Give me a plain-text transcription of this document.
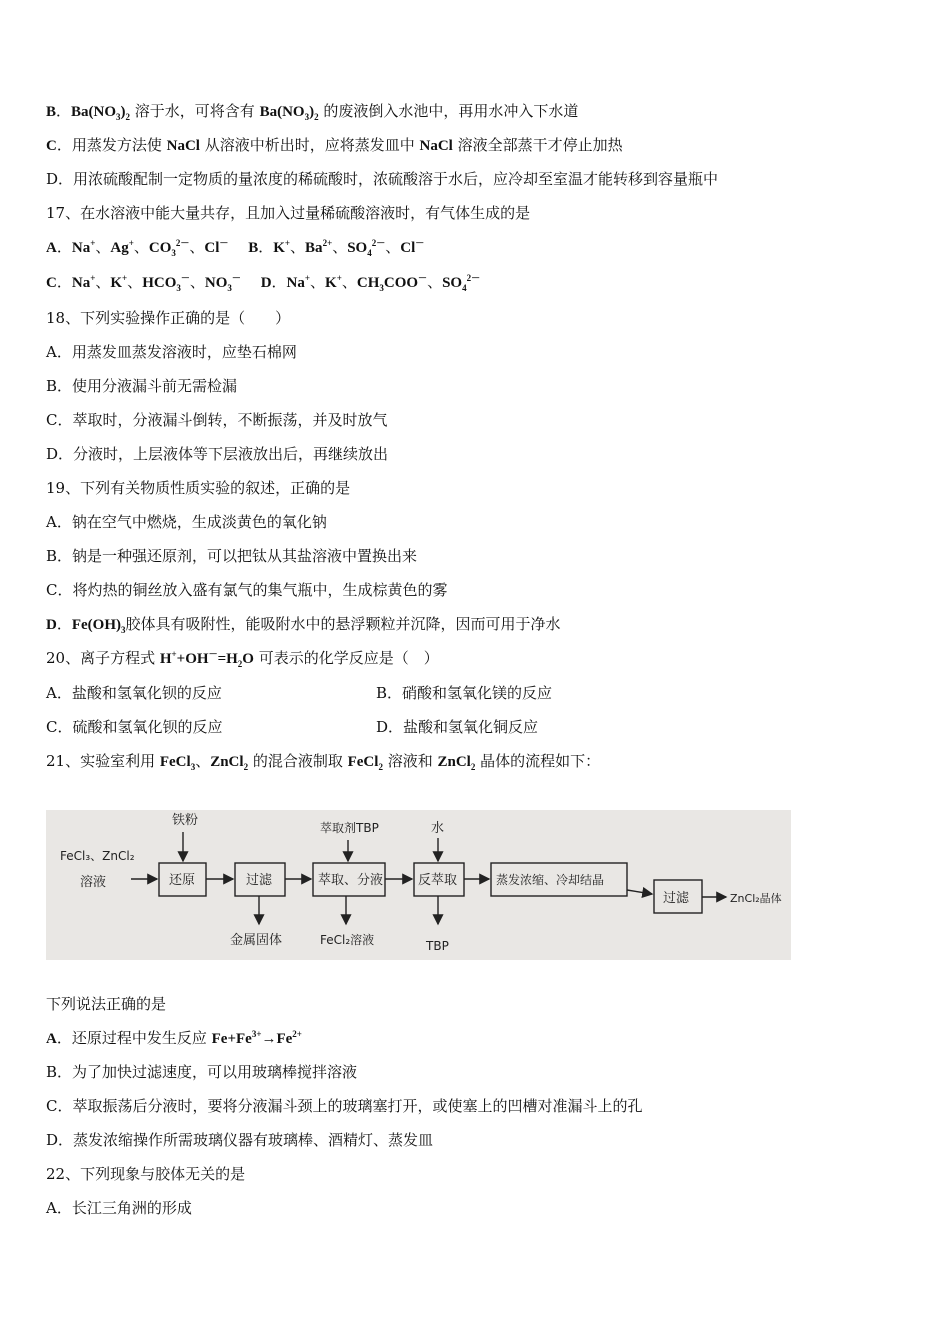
B．$Ba(NO_3)_2$ 溶于水，可将含有 $Ba(NO_3)_2$ 的废液倒入水池中，再用水冲入下水道
C．用蒸发方法使 NaCl 从溶液中析出时，应将蒸发皿中 NaCl 溶液全部蒸干才停止加热
D．用浓硫酸配制一定物质的量浓度的稀硫酸时，浓硫酸溶于水后，应冷却至室温才能转移到容量瓶中
17、在水溶液中能大量共存，且加入过量稀硫酸溶液时，有气体生成的是
A．Na+、Ag+、$CO_3^{2-}$、Cl－　 B．K+、$Ba^{2+}$、$SO_4^{2-}$、Cl－
C．Na+、K+、$HCO_3^-$、$NO_3^-$　 D．Na+、K+、$CH_3COO^-$、$SO_4^{2-}$
18、下列实验操作正确的是（　　）
A．用蒸发皿蒸发溶液时，应垫石棉网
B．使用分液漏斗前无需检漏
C．萃取时，分液漏斗倒转，不断振荡，并及时放气
D．分液时，上层液体等下层液放出后，再继续放出
19、下列有关物质性质实验的叙述，正确的是
A．钠在空气中燃烧，生成淡黄色的氧化钠
B．钠是一种强还原剂，可以把钛从其盐溶液中置换出来
C．将灼热的铜丝放入盛有氯气的集气瓶中，生成棕黄色的雾
D．$Fe(OH)_3$胶体具有吸附性，能吸附水中的悬浮颗粒并沉降，因而可用于净水
20、离子方程式 $H^++OH^-=H_2O$ 可表示的化学反应是（　）
A．盐酸和氢氧化钡的反应	B．硝酸和氢氧化镁的反应
C．硫酸和氢氧化钡的反应	D．盐酸和氢氧化铜反应
21、实验室利用 FeCl$_3$、ZnCl$_2$ 的混合液制取 FeCl$_2$ 溶液和 ZnCl$_2$ 晶体的流程如下：
FeCl₃、ZnCl₂
溶液
铁粉	萃取剂TBP	水
还原	过滤	萃取、分液	反萃取	蒸发浓缩、冷却结晶
过滤	ZnCl₂晶体
金属固体	FeCl₂溶液	TBP
下列说法正确的是
A．还原过程中发生反应 $Fe+Fe^{3+}\to Fe^{2+}$
B．为了加快过滤速度，可以用玻璃棒搅拌溶液
C．萃取振荡后分液时，要将分液漏斗颈上的玻璃塞打开，或使塞上的凹槽对准漏斗上的孔
D．蒸发浓缩操作所需玻璃仪器有玻璃棒、酒精灯、蒸发皿
22、下列现象与胶体无关的是
A．长江三角洲的形成
